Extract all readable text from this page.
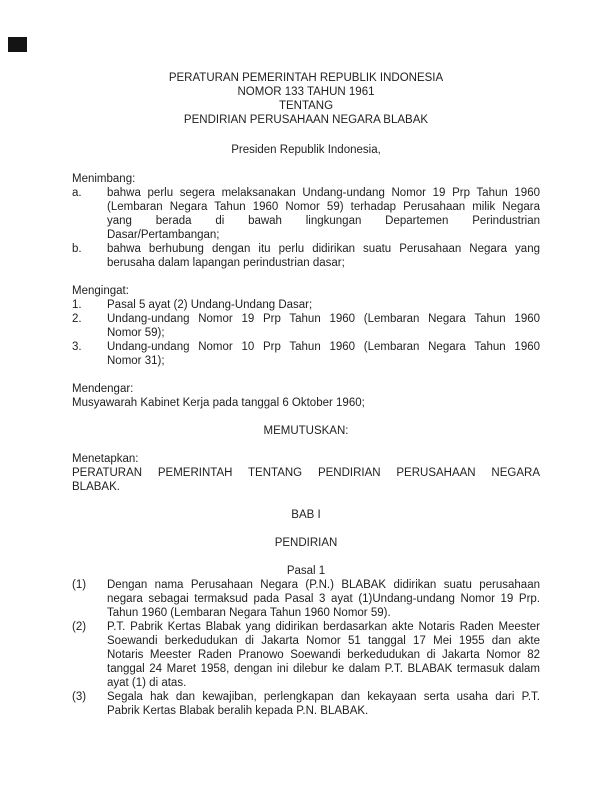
PERATURAN PEMERINTAH REPUBLIK INDONESIA
NOMOR 133 TAHUN 1961
TENTANG
PENDIRIAN PERUSAHAAN NEGARA BLABAK
Presiden Republik Indonesia,
Menimbang:
a. bahwa perlu segera melaksanakan Undang-undang Nomor 19 Prp Tahun 1960
(Lembaran Negara Tahun 1960 Nomor 59) terhadap Perusahaan milik Negara
yang berada di bawah lingkungan Departemen Perindustrian
Dasar/Pertambangan;
b. bahwa berhubung dengan itu perlu didirikan suatu Perusahaan Negara yang
berusaha dalam lapangan perindustrian dasar;
Mengingat:
1. Pasal 5 ayat (2) Undang-Undang Dasar;
2. Undang-undang Nomor 19 Prp Tahun 1960 (Lembaran Negara Tahun 1960
Nomor 59);
3. Undang-undang Nomor 10 Prp Tahun 1960 (Lembaran Negara Tahun 1960
Nomor 31);
Mendengar:
Musyawarah Kabinet Kerja pada tanggal 6 Oktober 1960;
MEMUTUSKAN:
Menetapkan:
PERATURAN PEMERINTAH TENTANG PENDIRIAN PERUSAHAAN NEGARA
BLABAK.
BAB I
PENDIRIAN
Pasal 1
(1) Dengan nama Perusahaan Negara (P.N.) BLABAK didirikan suatu perusahaan
negara sebagai termaksud pada Pasal 3 ayat (1)Undang-undang Nomor 19 Prp.
Tahun 1960 (Lembaran Negara Tahun 1960 Nomor 59).
(2) P.T. Pabrik Kertas Blabak yang didirikan berdasarkan akte Notaris Raden Meester
Soewandi berkedudukan di Jakarta Nomor 51 tanggal 17 Mei 1955 dan akte
Notaris Meester Raden Pranowo Soewandi berkedudukan di Jakarta Nomor 82
tanggal 24 Maret 1958, dengan ini dilebur ke dalam P.T. BLABAK termasuk dalam
ayat (1) di atas.
(3) Segala hak dan kewajiban, perlengkapan dan kekayaan serta usaha dari P.T.
Pabrik Kertas Blabak beralih kepada P.N. BLABAK.
